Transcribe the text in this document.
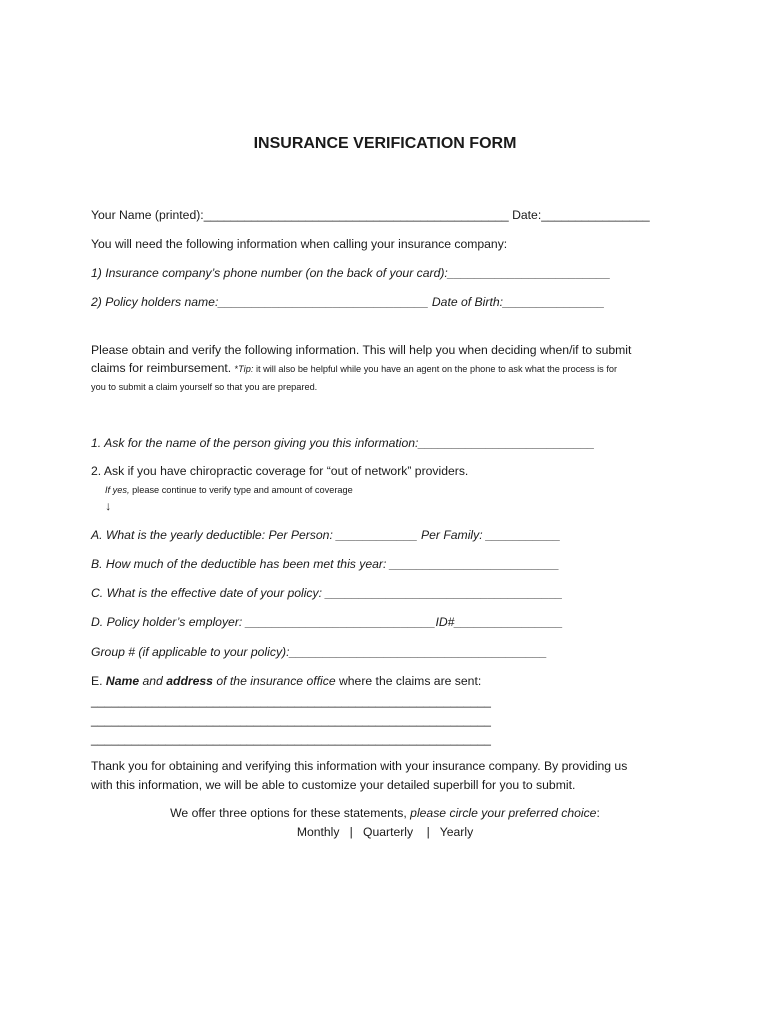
INSURANCE VERIFICATION FORM

Your Name (printed):_____________________________________________ Date:________________

You will need the following information when calling your insurance company:

1) Insurance company’s phone number (on the back of your card):________________________

2) Policy holders name:_______________________________ Date of Birth:_______________

Please obtain and verify the following information. This will help you when deciding when/if to submit

claims for reimbursement. *Tip: it will also be helpful while you have an agent on the phone to ask what the process is for

you to submit a claim yourself so that you are prepared.

1. Ask for the name of the person giving you this information:__________________________

2. Ask if you have chiropractic coverage for “out of network” providers.

If yes, please continue to verify type and amount of coverage

↓

A. What is the yearly deductible: Per Person: ____________ Per Family: ___________

B. How much of the deductible has been met this year: _________________________

C. What is the effective date of your policy: ___________________________________

D. Policy holder’s employer: ____________________________ID#________________

Group # (if applicable to your policy):______________________________________

E. Name and address of the insurance office where the claims are sent:

___________________________________________________________

___________________________________________________________

___________________________________________________________

Thank you for obtaining and verifying this information with your insurance company. By providing us

with this information, we will be able to customize your detailed superbill for you to submit.

We offer three options for these statements, please circle your preferred choice:

Monthly   |   Quarterly    |   Yearly
